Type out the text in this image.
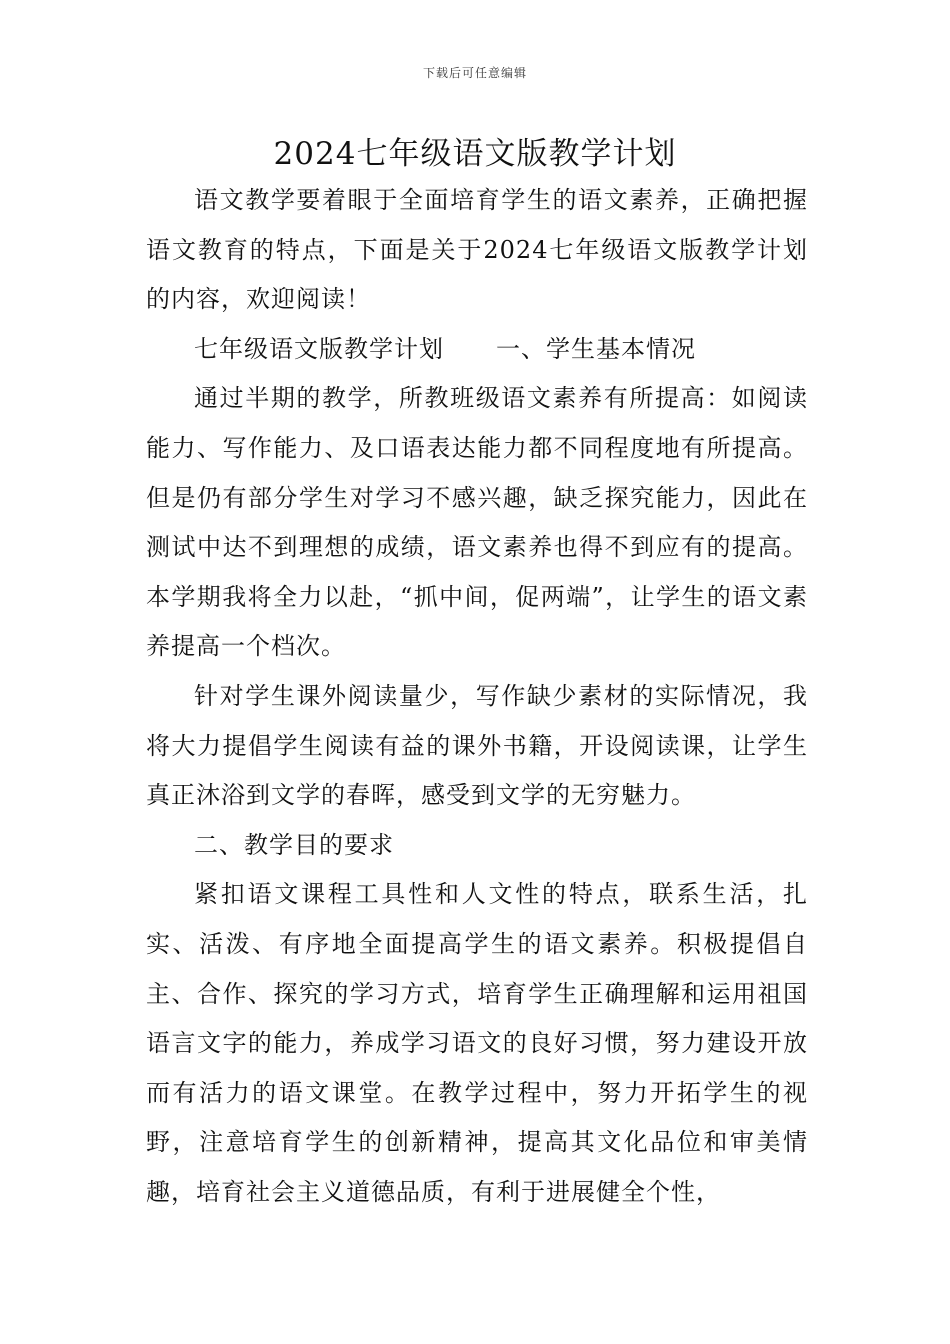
下载后可任意编辑
2024七年级语文版教学计划

语文教学要着眼于全面培育学生的语文素养，正确把握语文教育的特点，下面是关于2024七年级语文版教学计划 的内容，欢迎阅读！

七年级语文版教学计划 一、学生基本情况

通过半期的教学，所教班级语文素养有所提高：如阅读能力、写作能力、及口语表达能力都不同程度地有所提高。但是仍有部分学生对学习不感兴趣，缺乏探究能力，因此在测试中达不到理想的成绩，语文素养也得不到应有的提高。本学期我将全力以赴，“抓中间，促两端”，让学生的语文素养提高一个档次。

针对学生课外阅读量少，写作缺少素材的实际情况，我将大力提倡学生阅读有益的课外书籍，开设阅读课，让学生真正沐浴到文学的春晖，感受到文学的无穷魅力。

二、教学目的要求

紧扣语文课程工具性和人文性的特点，联系生活，扎实、活泼、有序地全面提高学生的语文素养。积极提倡自主、合作、探究的学习方式，培育学生正确理解和运用祖国语言文字的能力，养成学习语文的良好习惯，努力建设开放而有活力的语文课堂。在教学过程中，努力开拓学生的视野，注意培育学生的创新精神，提高其文化品位和审美情趣，培育社会主义道德品质，有利于进展健全个性，
